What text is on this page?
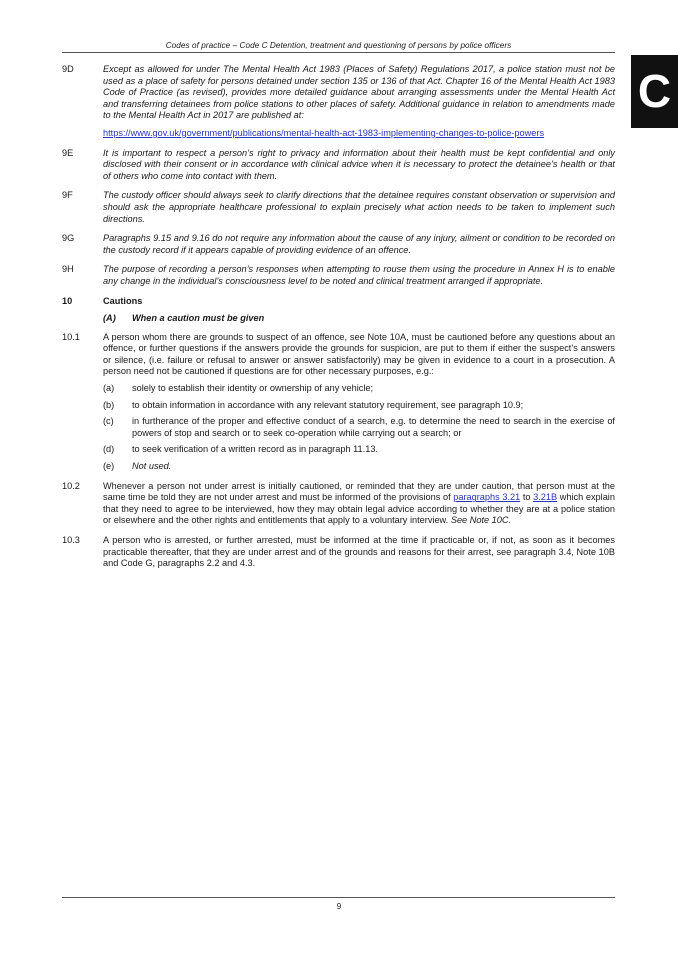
Codes of practice – Code C Detention, treatment and questioning of persons by police officers
C
9D	Except as allowed for under The Mental Health Act 1983 (Places of Safety) Regulations 2017, a police station must not be used as a place of safety for persons detained under section 135 or 136 of that Act. Chapter 16 of the Mental Health Act 1983 Code of Practice (as revised), provides more detailed guidance about arranging assessments under the Mental Health Act and transferring detainees from police stations to other places of safety. Additional guidance in relation to amendments made to the Mental Health Act in 2017 are published at:
https://www.gov.uk/government/publications/mental-health-act-1983-implementing-changes-to-police-powers
9E	It is important to respect a person’s right to privacy and information about their health must be kept confidential and only disclosed with their consent or in accordance with clinical advice when it is necessary to protect the detainee’s health or that of others who come into contact with them.
9F	The custody officer should always seek to clarify directions that the detainee requires constant observation or supervision and should ask the appropriate healthcare professional to explain precisely what action needs to be taken to implement such directions.
9G	Paragraphs 9.15 and 9.16 do not require any information about the cause of any injury, ailment or condition to be recorded on the custody record if it appears capable of providing evidence of an offence.
9H	The purpose of recording a person’s responses when attempting to rouse them using the procedure in Annex H is to enable any change in the individual’s consciousness level to be noted and clinical treatment arranged if appropriate.
10	Cautions
(A) When a caution must be given
10.1	A person whom there are grounds to suspect of an offence, see Note 10A, must be cautioned before any questions about an offence, or further questions if the answers provide the grounds for suspicion, are put to them if either the suspect’s answers or silence, (i.e. failure or refusal to answer or answer satisfactorily) may be given in evidence to a court in a prosecution. A person need not be cautioned if questions are for other necessary purposes, e.g.:
(a) solely to establish their identity or ownership of any vehicle;
(b) to obtain information in accordance with any relevant statutory requirement, see paragraph 10.9;
(c) in furtherance of the proper and effective conduct of a search, e.g. to determine the need to search in the exercise of powers of stop and search or to seek co-operation while carrying out a search; or
(d) to seek verification of a written record as in paragraph 11.13.
(e) Not used.
10.2	Whenever a person not under arrest is initially cautioned, or reminded that they are under caution, that person must at the same time be told they are not under arrest and must be informed of the provisions of paragraphs 3.21 to 3.21B which explain that they need to agree to be interviewed, how they may obtain legal advice according to whether they are at a police station or elsewhere and the other rights and entitlements that apply to a voluntary interview. See Note 10C.
10.3	A person who is arrested, or further arrested, must be informed at the time if practicable or, if not, as soon as it becomes practicable thereafter, that they are under arrest and of the grounds and reasons for their arrest, see paragraph 3.4, Note 10B and Code G, paragraphs 2.2 and 4.3.
9
